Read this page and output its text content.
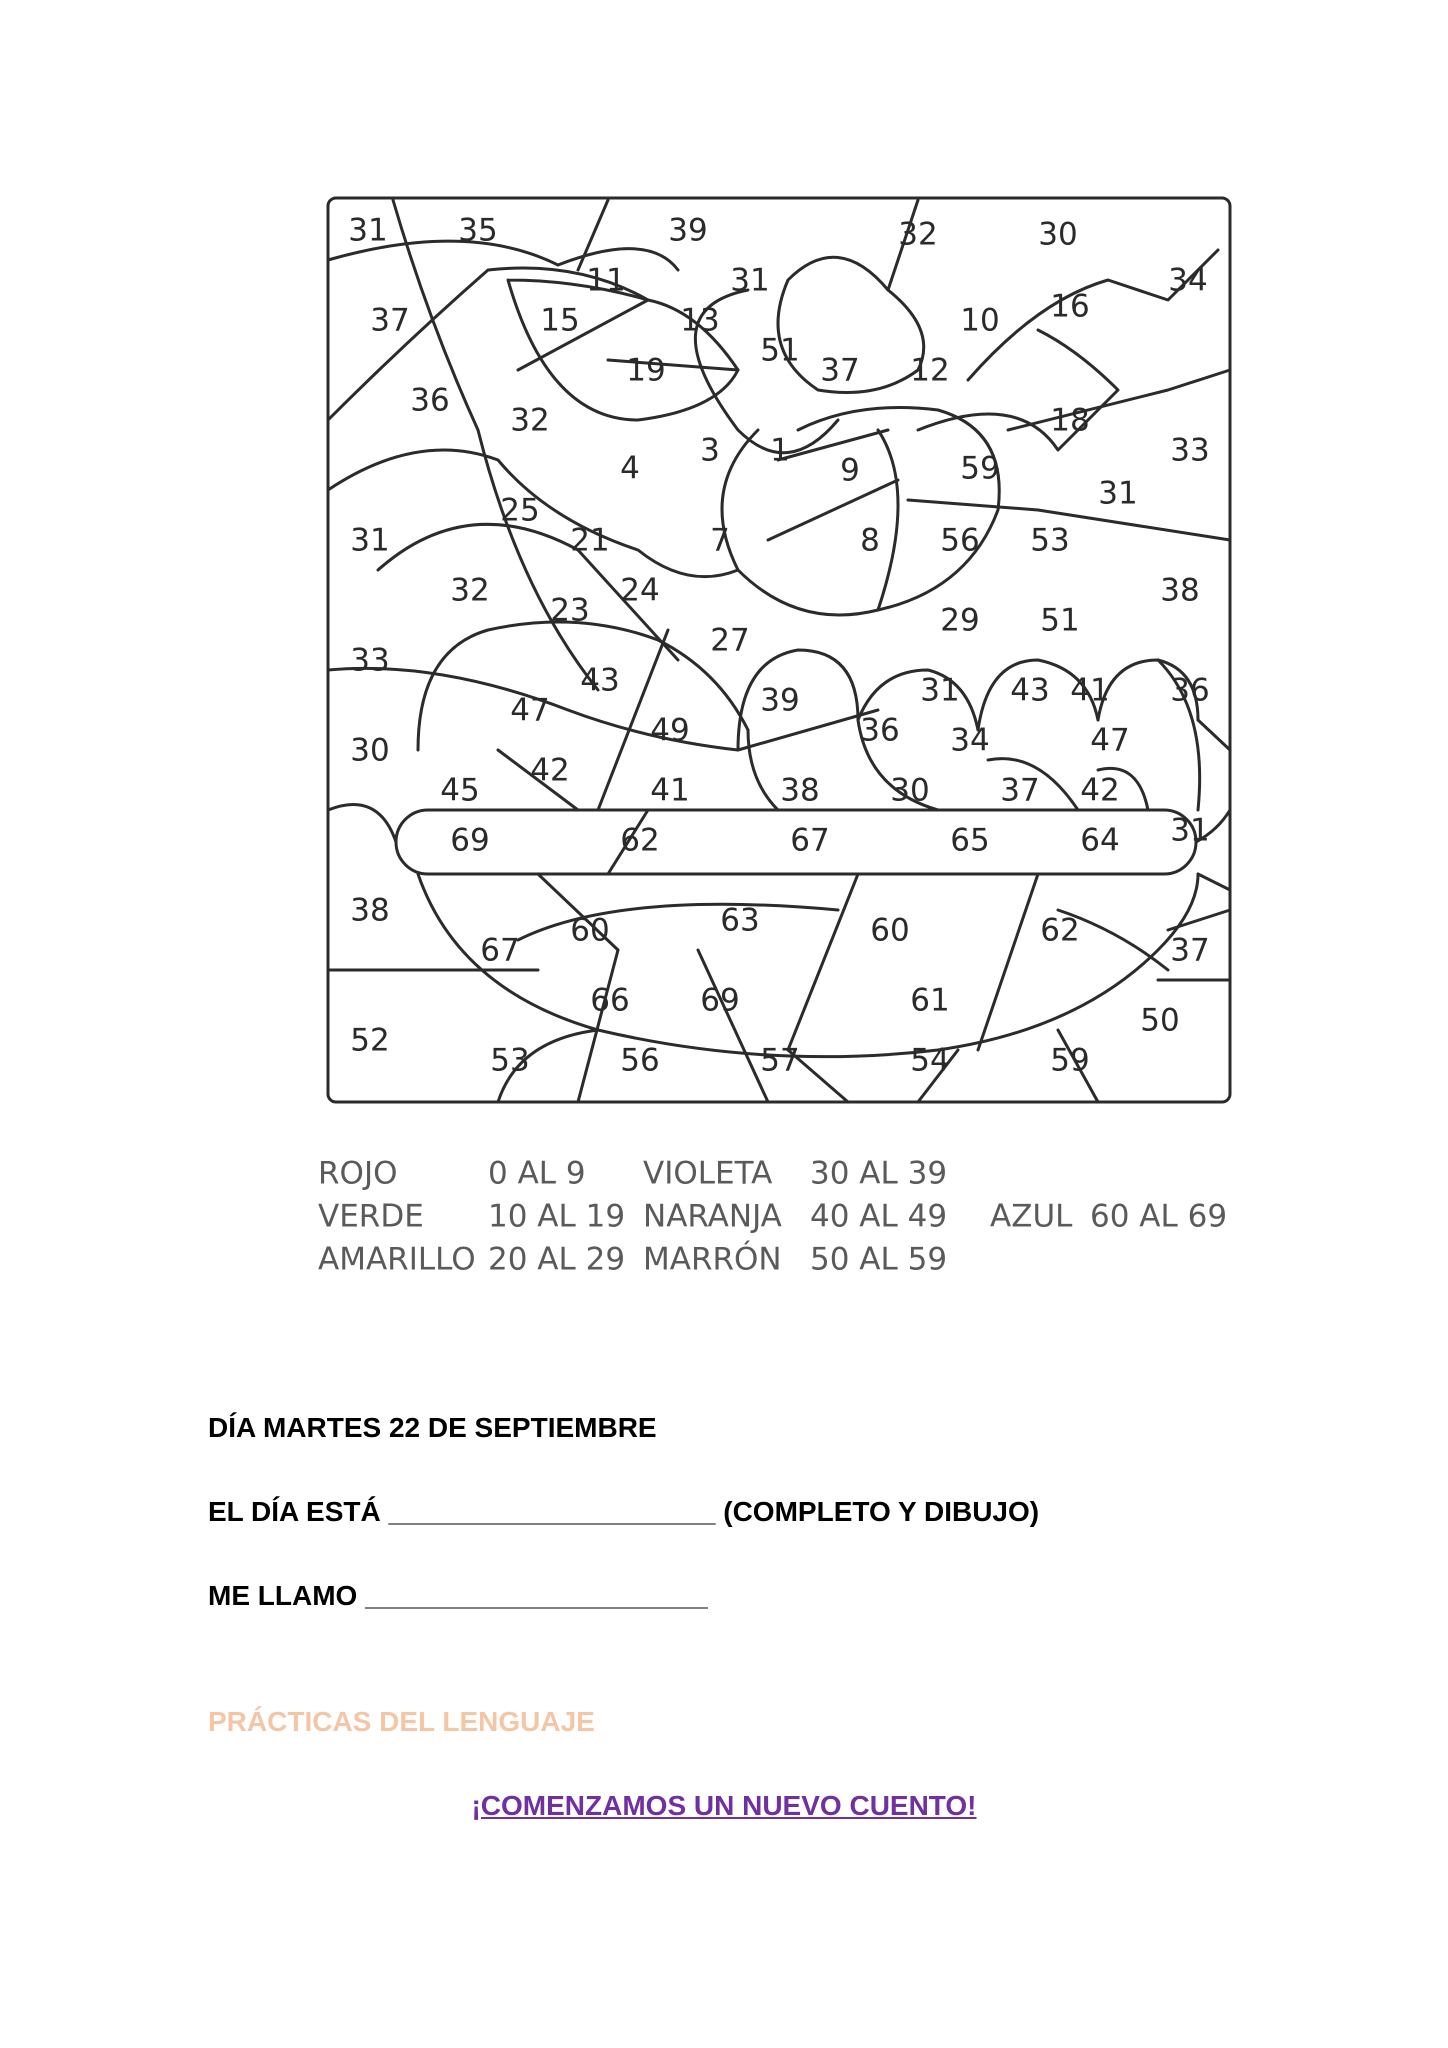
31 35	39	32	30
34
11	31
37	15	13
51
10 16
19	37 12
36
32	18
33
4 3 1
9	59
31
25
31	21	7	8 56 53
32	24
23
38
29 51
27
33
43
47	39	31 43 41 36
49	36 34	47
30
42
45	41	38 30 37 42
69	62	67	65	64 31
38
60	63	60	62
67	37
66 69	61
52
50
53	56	57	54	59
ROJO	0 AL 9 VIOLETA 30 AL 39
VERDE 10 AL 19 NARANJA 40 AL 49 AZUL 60 AL 69
AMARILLO 20 AL 29 MARRÓN 50 AL 59
DÍA MARTES 22 DE SEPTIEMBRE
EL DÍA ESTÁ _____________________ (COMPLETO Y DIBUJO)
ME LLAMO ______________________
PRÁCTICAS DEL LENGUAJE
¡COMENZAMOS UN NUEVO CUENTO!
